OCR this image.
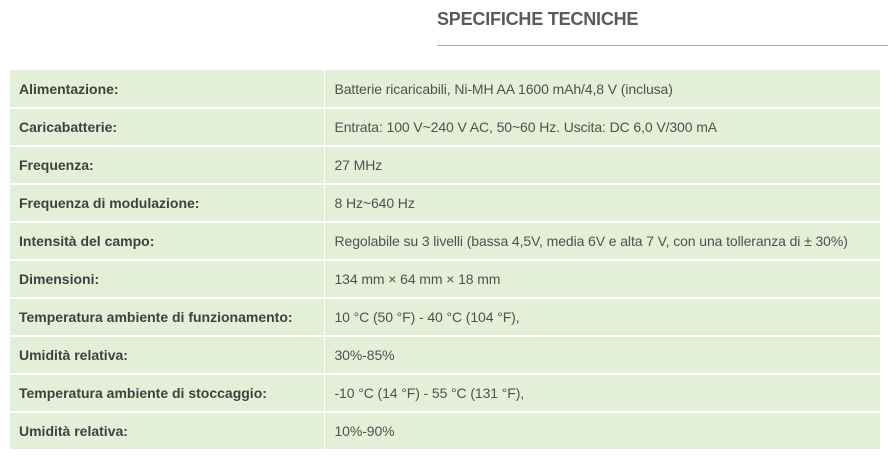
SPECIFICHE TECNICHE
Alimentazione:	Batterie ricaricabili, Ni-MH AA 1600 mAh/4,8 V (inclusa)
Caricabatterie:	Entrata: 100 V~240 V AC, 50~60 Hz. Uscita: DC 6,0 V/300 mA
Frequenza:	27 MHz
Frequenza di modulazione:	8 Hz~640 Hz
Intensità del campo:	Regolabile su 3 livelli (bassa 4,5V, media 6V e alta 7 V, con una tolleranza di ± 30%)
Dimensioni:	134 mm × 64 mm × 18 mm
Temperatura ambiente di funzionamento:	10 °C (50 °F) - 40 °C (104 °F),
Umidità relativa:	30%-85%
Temperatura ambiente di stoccaggio:	-10 °C (14 °F) - 55 °C (131 °F),
Umidità relativa:	10%-90%
